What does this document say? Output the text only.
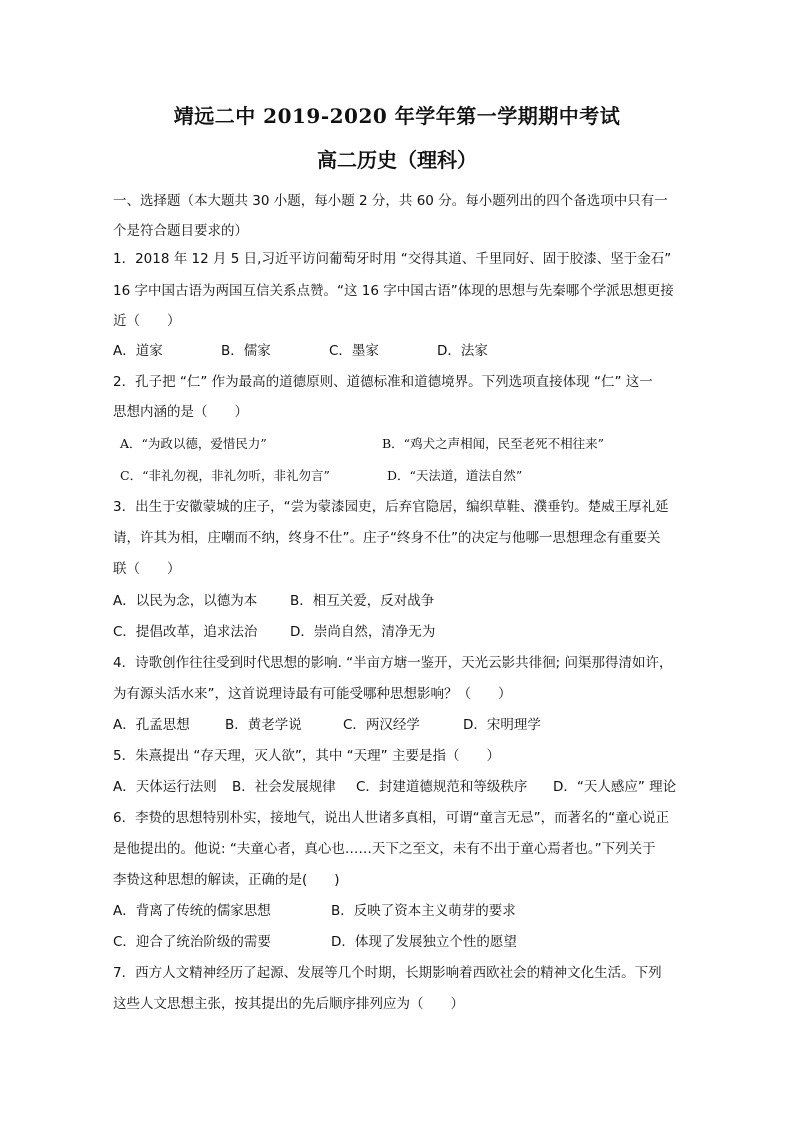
靖远二中 2019-2020 年学年第一学期期中考试
高二历史（理科）
一、选择题（本大题共 30 小题，每小题 2 分，共 60 分。每小题列出的四个备选项中只有一
个是符合题目要求的）
1．2018 年 12 月 5 日,习近平访问葡萄牙时用 “交得其道、千里同好、固于胶漆、坚于金石”
16 字中国古语为两国互信关系点赞。“这 16 字中国古语”体现的思想与先秦哪个学派思想更接
近（　　）
A．道家	B．儒家	C．墨家	D．法家
2．孔子把 “仁” 作为最高的道德原则、道德标准和道德境界。下列选项直接体现 “仁” 这一
思想内涵的是（　　）
A．“为政以德，爱惜民力”	B．“鸡犬之声相闻，民至老死不相往来”
C．“非礼勿视，非礼勿听，非礼勿言”	D．“天法道，道法自然”
3．出生于安徽蒙城的庄子，“尝为蒙漆园吏，后弃官隐居，编织草鞋、濮垂钓。楚威王厚礼延
请，许其为相，庄嘲而不纳，终身不仕”。庄子“终身不仕”的决定与他哪一思想理念有重要关
联（　　）
A．以民为念，以德为本 B．相互关爱，反对战争
C．提倡改革，追求法治 D．崇尚自然，清净无为
4．诗歌创作往往受到时代思想的影响. “半亩方塘一鉴开，天光云影共徘徊; 问渠那得清如许，
为有源头活水来”，这首说理诗最有可能受哪种思想影响？（　　）
A．孔孟思想	B．黄老学说	C．两汉经学	D．宋明理学
5．朱熹提出 “存天理，灭人欲”，其中 “天理” 主要是指（　　）
A．天体运行法则 B．社会发展规律 C．封建道德规范和等级秩序 D．“天人感应” 理论
6．李贽的思想特别朴实，接地气，说出人世诸多真相，可谓“童言无忌”，而著名的“童心说正
是他提出的。他说: “夫童心者，真心也……天下之至文，未有不出于童心焉者也。”下列关于
李贽这种思想的解读，正确的是(　　)
A．背离了传统的儒家思想	B．反映了资本主义萌芽的要求
C．迎合了统治阶级的需要	D．体现了发展独立个性的愿望
7．西方人文精神经历了起源、发展等几个时期，长期影响着西欧社会的精神文化生活。下列
这些人文思想主张，按其提出的先后顺序排列应为（　　）
